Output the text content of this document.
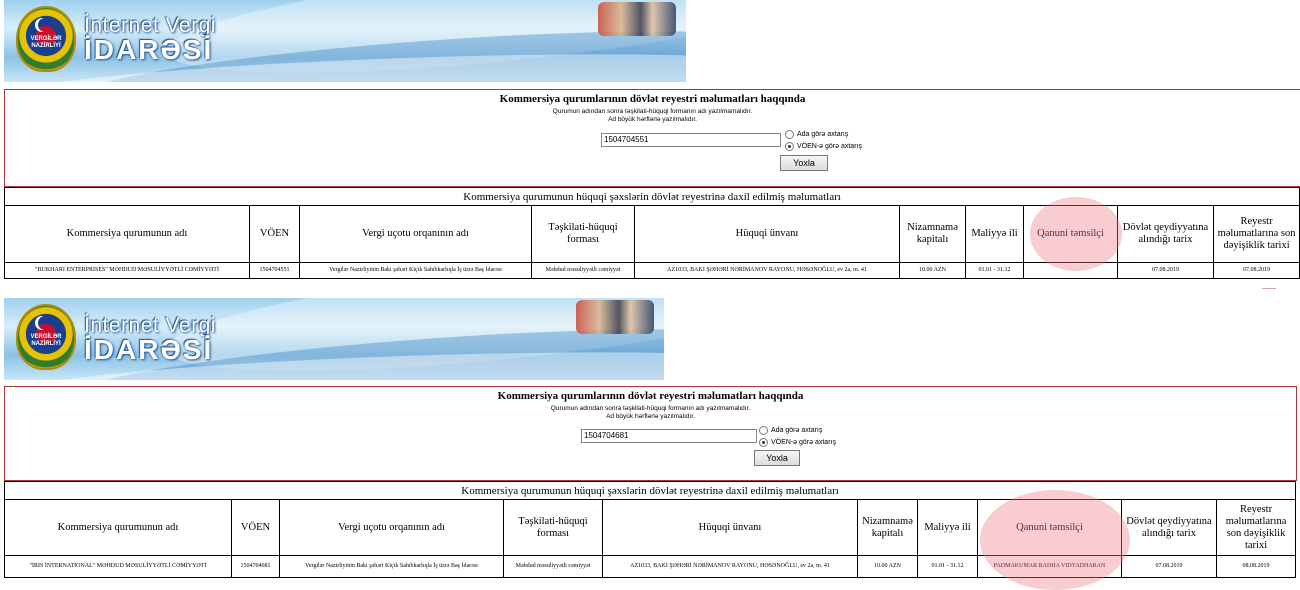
VERGİLƏR NAZİRLİYİ
İnternet Vergi
İDARƏSİ
Kommersiya qurumlarının dövlət reyestri məlumatları haqqında
Qurumun adından sonra təşkilati-hüquqi formanın adı yazılmamalıdır.
Ad böyük hərflərlə yazılmalıdır.
1504704551
Ada görə axtarış
VÖEN-ə görə axtarış
Yoxla
Kommersiya qurumunun hüquqi şəxslərin dövlət reyestrinə daxil edilmiş məlumatları									
Kommersiya qurumunun adı	VÖEN	Vergi uçotu orqanının adı	Təşkilati-hüquqi forması	Hüquqi ünvanı	Nizamnamə kapitalı	Maliyyə ili	Qanuni təmsilçi	Dövlət qeydiyyatına alındığı tarix	Reyestr məlumatlarına son dəyişiklik tarixi
"BUKHARI ENTERPRISES" MƏHDUD MƏSULİYYƏTLİ CƏMİYYƏTİ	1504704551	Vergilər Nazirliyinin Bakı şəhəri Kiçik Sahibkarlıqla İş üzrə Baş İdarəsi	Məhdud məsuliyyətli cəmiyyət	AZ1033, BAKI ŞƏHƏRİ NƏRİMANOV RAYONU, HƏSƏNOĞLU, ev 2a, m. 41	10.00 AZN	01.01 - 31.12		07.08.2019	07.08.2019
VERGİLƏR NAZİRLİYİ
İnternet Vergi
İDARƏSİ
Kommersiya qurumlarının dövlət reyestri məlumatları haqqında
Qurumun adından sonra təşkilati-hüquqi formanın adı yazılmamalıdır.
Ad böyük hərflərlə yazılmalıdır.
1504704681
Ada görə axtarış
VÖEN-ə görə axtarış
Yoxla
Kommersiya qurumunun hüquqi şəxslərin dövlət reyestrinə daxil edilmiş məlumatları									
Kommersiya qurumunun adı	VÖEN	Vergi uçotu orqanının adı	Təşkilati-hüquqi forması	Hüquqi ünvanı	Nizamnamə kapitalı	Maliyyə ili	Qanuni təmsilçi	Dövlət qeydiyyatına alındığı tarix	Reyestr məlumatlarına son dəyişiklik tarixi
"İRIS İNTERNATİONAL" MƏHDUD MƏSULİYYƏTLİ CƏMİYYƏTİ	1504704681	Vergilər Nazirliyinin Bakı şəhəri Kiçik Sahibkarlıqla İş üzrə Baş İdarəsi	Məhdud məsuliyyətli cəmiyyət	AZ1033, BAKI ŞƏHƏRİ NƏRİMANOV RAYONU, HƏSƏNOĞLU, ev 2a, m. 41	10.00 AZN	01.01 - 31.12	PADMAKUMAR RADHA VIDYADHARAN	07.08.2019	08.08.2019
